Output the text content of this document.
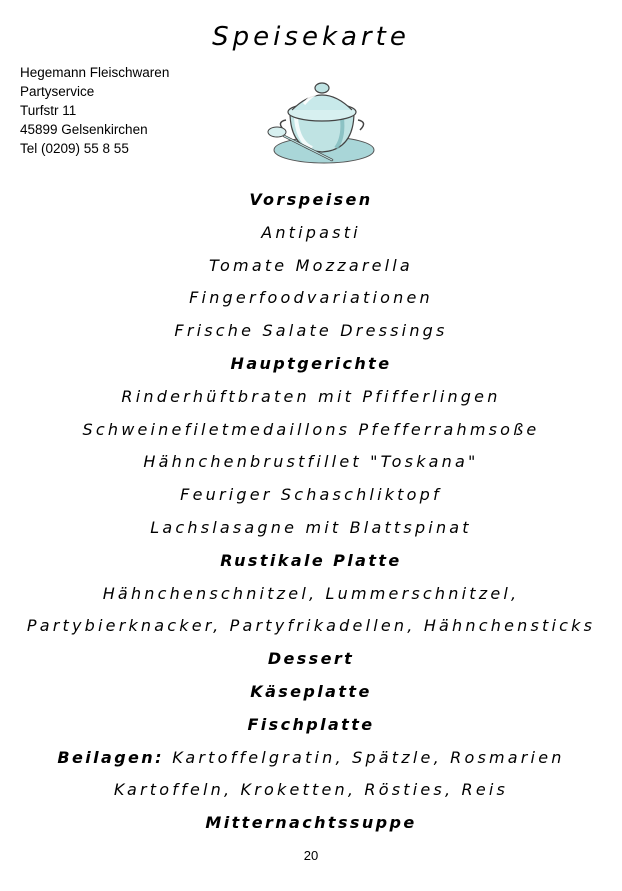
Speisekarte
Hegemann Fleischwaren
Partyservice
Turfstr 11
45899 Gelsenkirchen
Tel (0209) 55 8 55
Vorspeisen
Antipasti
Tomate Mozzarella
Fingerfoodvariationen
Frische Salate Dressings
Hauptgerichte
Rinderhüftbraten mit Pfifferlingen
Schweinefiletmedaillons Pfefferrahmsoße
Hähnchenbrustfillet "Toskana"
Feuriger Schaschliktopf
Lachslasagne mit Blattspinat
Rustikale Platte
Hähnchenschnitzel, Lummerschnitzel,
Partybierknacker, Partyfrikadellen, Hähnchensticks
Dessert
Käseplatte
Fischplatte
Beilagen: Kartoffelgratin, Spätzle, Rosmarien
Kartoffeln, Kroketten, Rösties, Reis
Mitternachtssuppe
20
